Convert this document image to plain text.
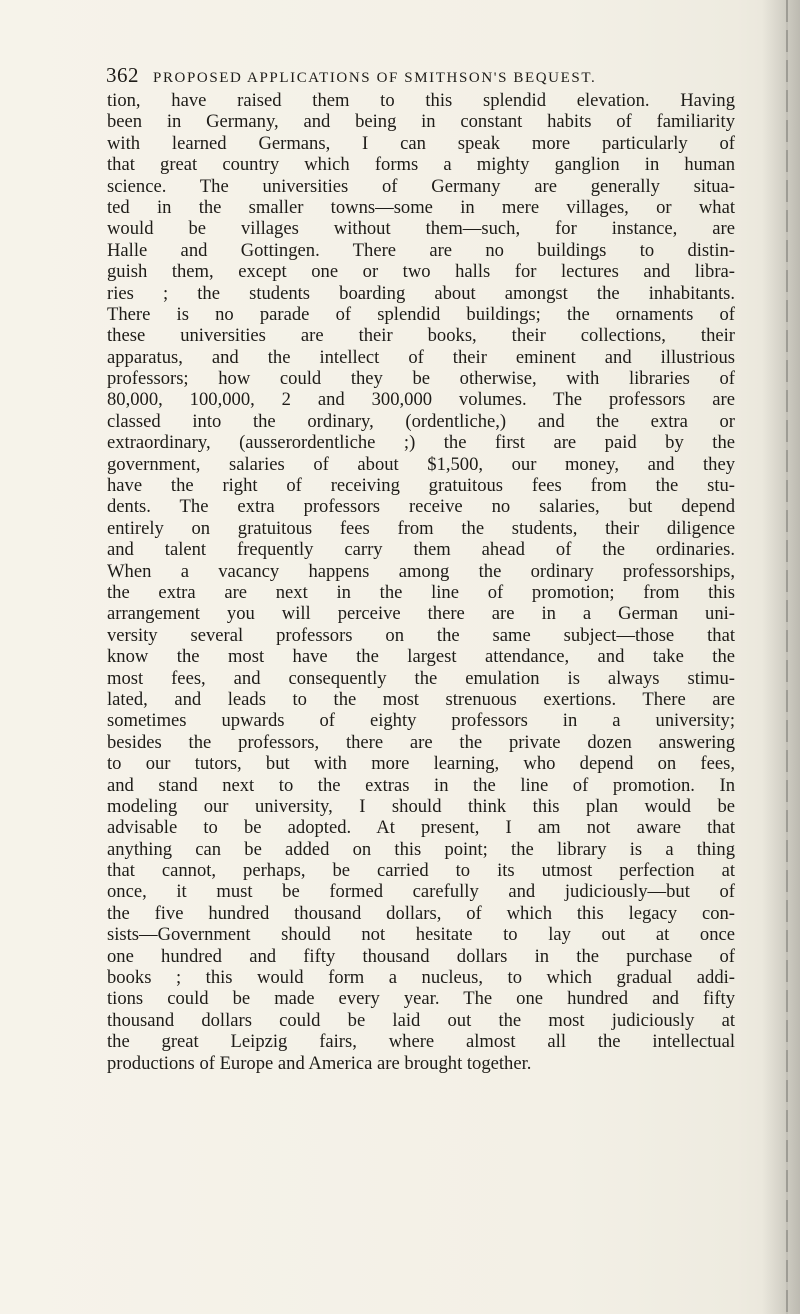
362 PROPOSED APPLICATIONS OF SMITHSON'S BEQUEST.
tion, have raised them to this splendid elevation. Having
been in Germany, and being in constant habits of familiarity
with learned Germans, I can speak more particularly of
that great country which forms a mighty ganglion in human
science. The universities of Germany are generally situa-
ted in the smaller towns—some in mere villages, or what
would be villages without them—such, for instance, are
Halle and Gottingen. There are no buildings to distin-
guish them, except one or two halls for lectures and libra-
ries ; the students boarding about amongst the inhabitants.
There is no parade of splendid buildings; the ornaments of
these universities are their books, their collections, their
apparatus, and the intellect of their eminent and illustrious
professors; how could they be otherwise, with libraries of
80,000, 100,000, 2 and 300,000 volumes. The professors are
classed into the ordinary, (ordentliche,) and the extra or
extraordinary, (ausserordentliche ;) the first are paid by the
government, salaries of about $1,500, our money, and they
have the right of receiving gratuitous fees from the stu-
dents. The extra professors receive no salaries, but depend
entirely on gratuitous fees from the students, their diligence
and talent frequently carry them ahead of the ordinaries.
When a vacancy happens among the ordinary professorships,
the extra are next in the line of promotion; from this
arrangement you will perceive there are in a German uni-
versity several professors on the same subject—those that
know the most have the largest attendance, and take the
most fees, and consequently the emulation is always stimu-
lated, and leads to the most strenuous exertions. There are
sometimes upwards of eighty professors in a university;
besides the professors, there are the private dozen answering
to our tutors, but with more learning, who depend on fees,
and stand next to the extras in the line of promotion. In
modeling our university, I should think this plan would be
advisable to be adopted. At present, I am not aware that
anything can be added on this point; the library is a thing
that cannot, perhaps, be carried to its utmost perfection at
once, it must be formed carefully and judiciously—but of
the five hundred thousand dollars, of which this legacy con-
sists—Government should not hesitate to lay out at once
one hundred and fifty thousand dollars in the purchase of
books ; this would form a nucleus, to which gradual addi-
tions could be made every year. The one hundred and fifty
thousand dollars could be laid out the most judiciously at
the great Leipzig fairs, where almost all the intellectual
productions of Europe and America are brought together.
